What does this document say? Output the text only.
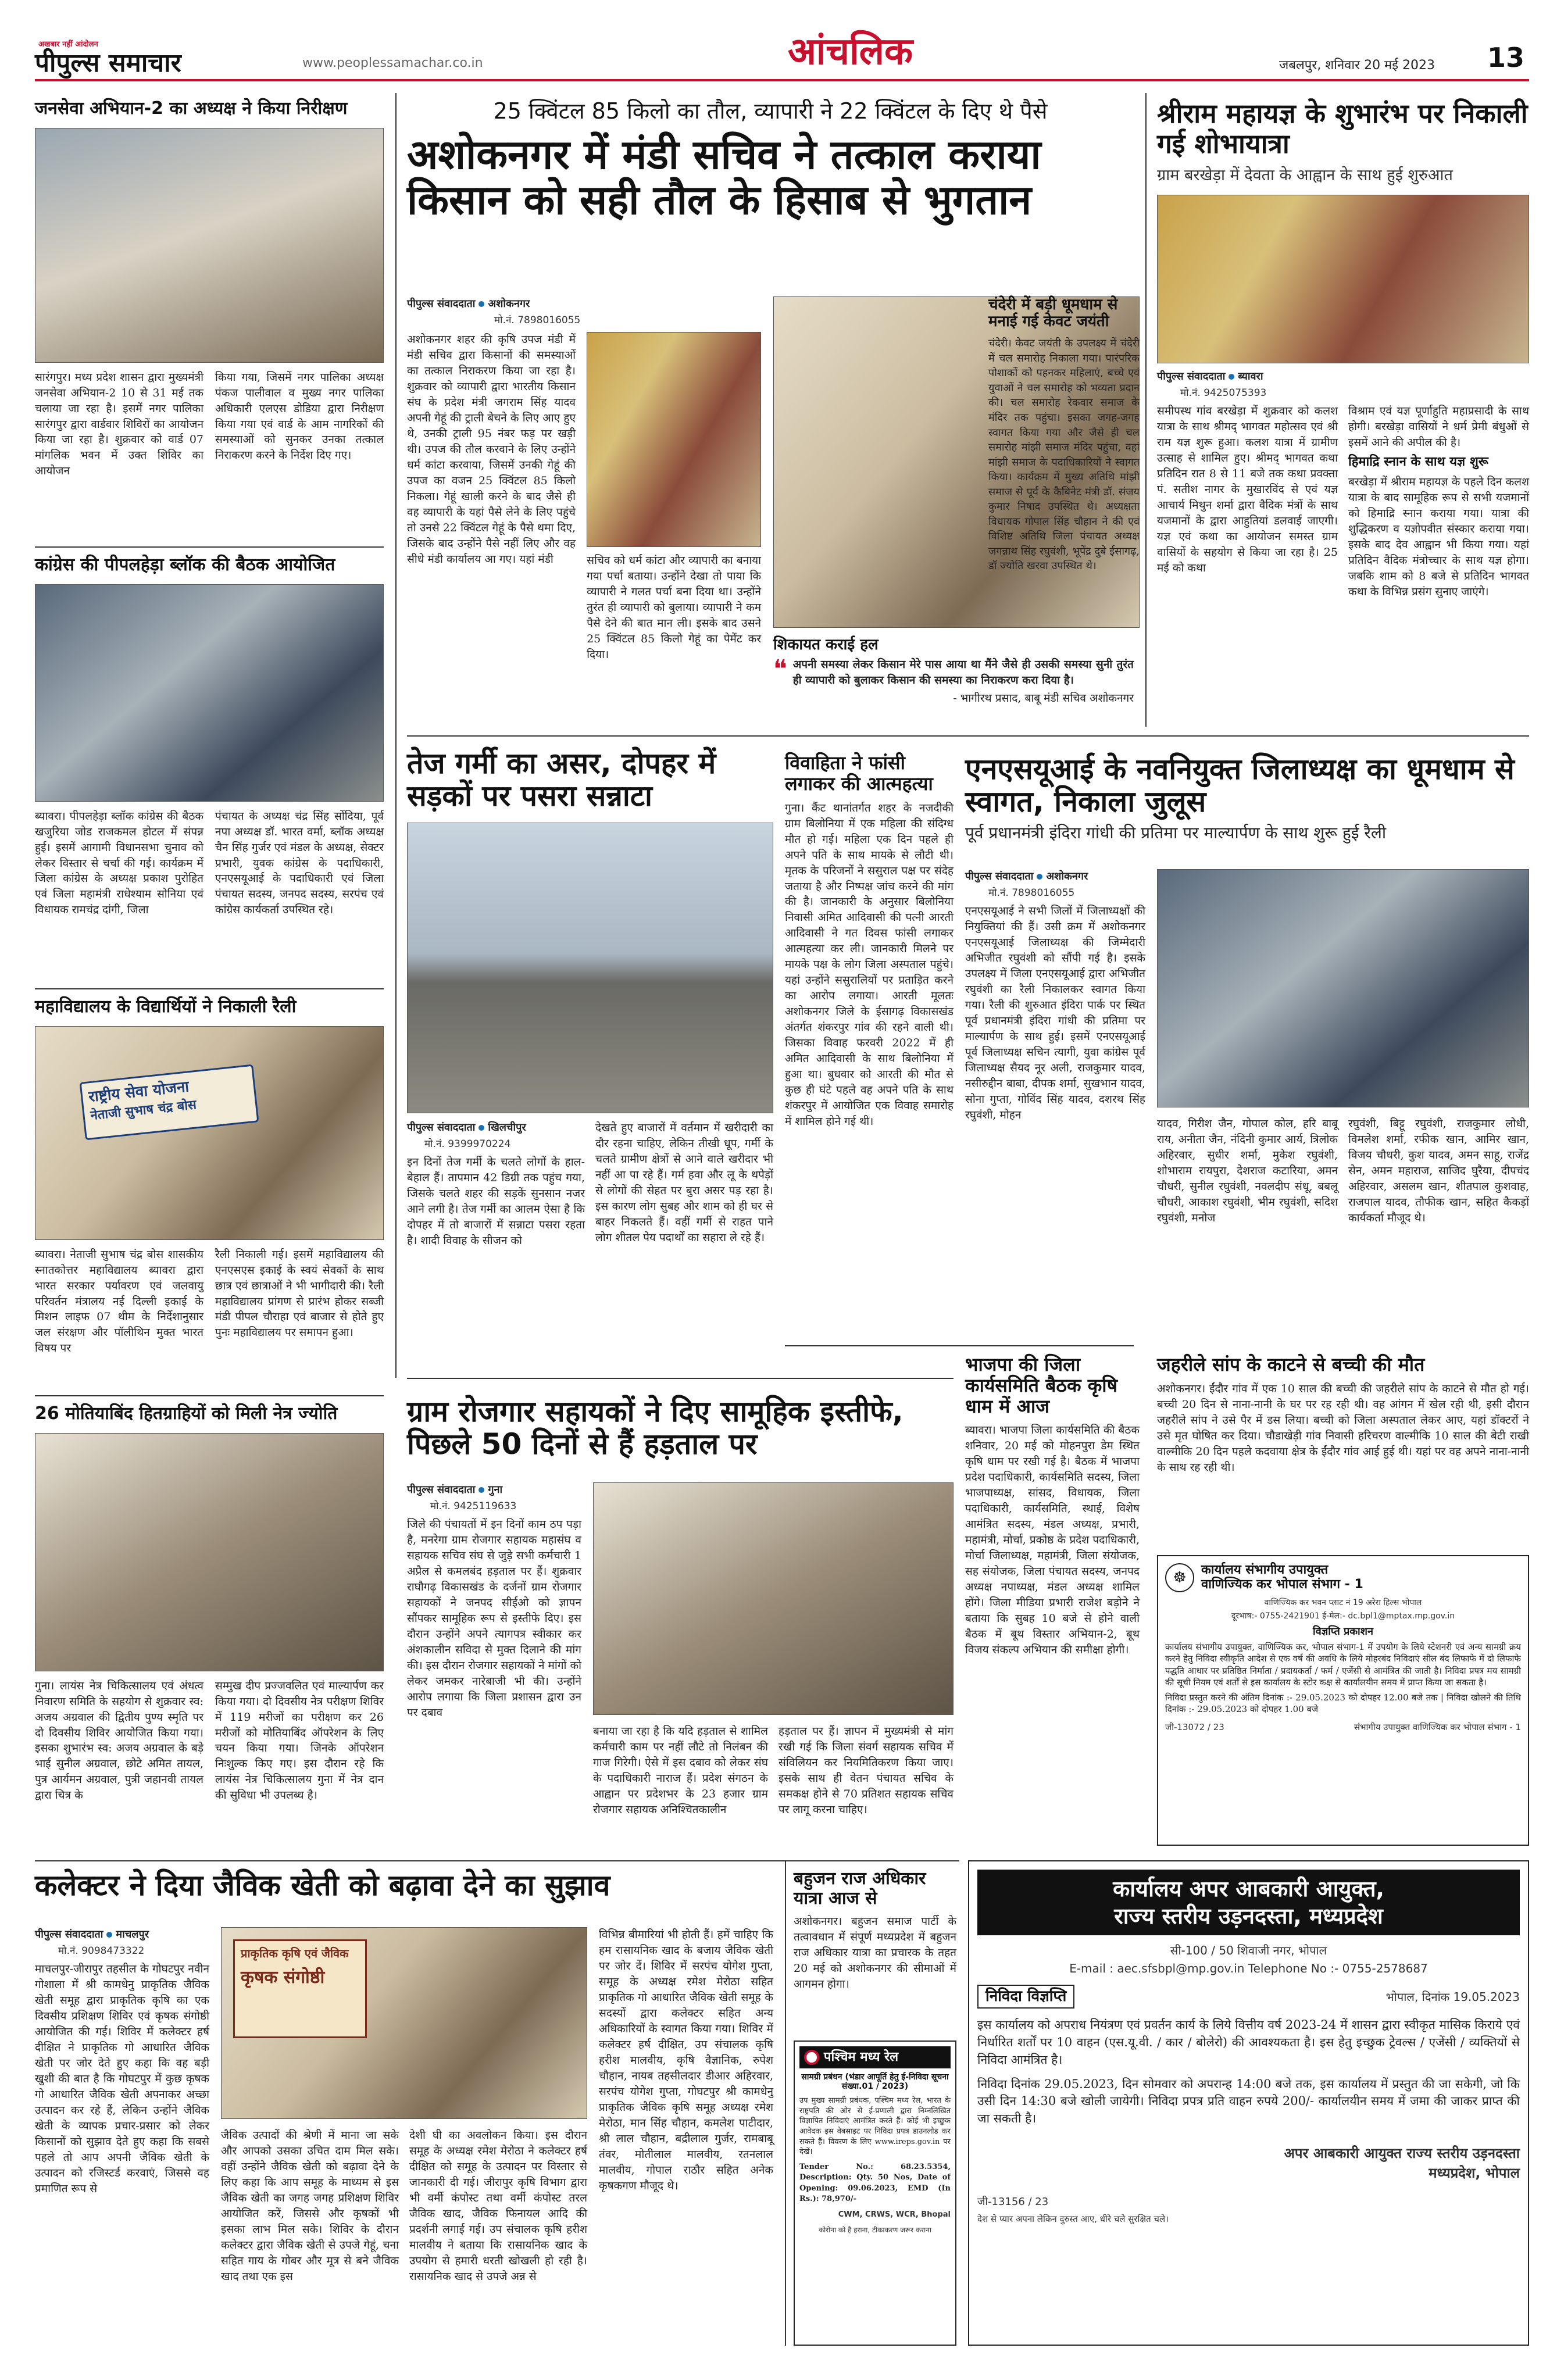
अखबार नहीं आंदोलन
पीपुल्स समाचार	www.peoplessamachar.co.in	आंचलिक	जबलपुर, शनिवार 20 मई 2023 13
जनसेवा अभियान-2 का अध्यक्ष ने किया निरीक्षण
सारंगपुर। मध्य प्रदेश शासन द्वारा मुख्यमंत्री जनसेवा अभियान-2 10 से 31 मई तक चलाया जा रहा है। इसमें नगर पालिका सारंगपुर द्वारा वार्डवार शिविरों का आयोजन किया जा रहा है। शुक्रवार को वार्ड 07 मांगलिक भवन में उक्त शिविर का आयोजन
किया गया, जिसमें नगर पालिका अध्यक्ष पंकज पालीवाल व मुख्य नगर पालिका अधिकारी एलएस डोडिया द्वारा निरीक्षण किया गया एवं वार्ड के आम नागरिकों की समस्याओं को सुनकर उनका तत्काल निराकरण करने के निर्देश दिए गए।
कांग्रेस की पीपलहेड़ा ब्लॉक की बैठक आयोजित
ब्यावरा। पीपलहेड़ा ब्लॉक कांग्रेस की बैठक खजुरिया जोड राजकमल होटल में संपन्न हुई। इसमें आगामी विधानसभा चुनाव को लेकर विस्तार से चर्चा की गई। कार्यक्रम में जिला कांग्रेस के अध्यक्ष प्रकाश पुरोहित एवं जिला महामंत्री राधेश्याम सोनिया एवं विधायक रामचंद्र दांगी, जिला
पंचायत के अध्यक्ष चंद्र सिंह सोंदिया, पूर्व नपा अध्यक्ष डॉ. भारत वर्मा, ब्लॉक अध्यक्ष चैन सिंह गुर्जर एवं मंडल के अध्यक्ष, सेक्टर प्रभारी, युवक कांग्रेस के पदाधिकारी, एनएसयूआई के पदाधिकारी एवं जिला पंचायत सदस्य, जनपद सदस्य, सरपंच एवं कांग्रेस कार्यकर्ता उपस्थित रहे।
महाविद्यालय के विद्यार्थियों ने निकाली रैली
राष्ट्रीय सेवा योजना
नेताजी सुभाष चंद्र बोस
ब्यावरा। नेताजी सुभाष चंद्र बोस शासकीय स्नातकोत्तर महाविद्यालय ब्यावरा द्वारा भारत सरकार पर्यावरण एवं जलवायु परिवर्तन मंत्रालय नई दिल्ली इकाई के मिशन लाइफ 07 थीम के निर्देशानुसार जल संरक्षण और पॉलीथिन मुक्त भारत विषय पर
रैली निकाली गई। इसमें महाविद्यालय की एनएसएस इकाई के स्वयं सेवकों के साथ छात्र एवं छात्राओं ने भी भागीदारी की। रैली महाविद्यालय प्रांगण से प्रारंभ होकर सब्जी मंडी पीपल चौराहा एवं बाजार से होते हुए पुनः महाविद्यालय पर समापन हुआ।
26 मोतियाबिंद हितग्राहियों को मिली नेत्र ज्योति
गुना। लायंस नेत्र चिकित्सालय एवं अंधत्व निवारण समिति के सहयोग से शुक्रवार स्व: अजय अग्रवाल की द्वितीय पुण्य स्मृति पर दो दिवसीय शिविर आयोजित किया गया। इसका शुभारंभ स्व: अजय अग्रवाल के बड़े भाई सुनील अग्रवाल, छोटे अमित तायल, पुत्र आर्यमन अग्रवाल, पुत्री जहानवी तायल द्वारा चित्र के
सम्मुख दीप प्रज्जवलित एवं माल्यार्पण कर किया गया। दो दिवसीय नेत्र परीक्षण शिविर में 119 मरीजों का परीक्षण कर 26 मरीजों को मोतियाबिंद ऑपरेशन के लिए चयन किया गया। जिनके ऑपरेशन निःशुल्क किए गए। इस दौरान रहे कि लायंस नेत्र चिकित्सालय गुना में नेत्र दान की सुविधा भी उपलब्ध है।
25 क्विंटल 85 किलो का तौल, व्यापारी ने 22 क्विंटल के दिए थे पैसे
अशोकनगर में मंडी सचिव ने तत्काल कराया किसान को सही तौल के हिसाब से भुगतान
पीपुल्स संवाददाता अशोकनगर
मो.नं. 7898016055
अशोकनगर शहर की कृषि उपज मंडी में मंडी सचिव द्वारा किसानों की समस्याओं का तत्काल निराकरण किया जा रहा है। शुक्रवार को व्यापारी द्वारा भारतीय किसान संघ के प्रदेश मंत्री जगराम सिंह यादव अपनी गेहूं की ट्राली बेचने के लिए आए हुए थे, उनकी ट्राली 95 नंबर फड़ पर खड़ी थी। उपज की तौल करवाने के लिए उन्होंने धर्म कांटा करवाया, जिसमें उनकी गेहूं की उपज का वजन 25 क्विंटल 85 किलो निकला। गेहूं खाली करने के बाद जैसे ही वह व्यापारी के यहां पैसे लेने के लिए पहुंचे तो उनसे 22 क्विंटल गेहूं के पैसे थमा दिए, जिसके बाद उन्होंने पैसे नहीं लिए और वह सीधे मंडी कार्यालय आ गए। यहां मंडी	सचिव को धर्म कांटा और व्यापारी का बनाया गया पर्चा बताया। उन्होंने देखा तो पाया कि व्यापारी ने गलत पर्चा बना दिया था। उन्होंने तुरंत ही व्यापारी को बुलाया। व्यापारी ने कम पैसे देने की बात मान ली। इसके बाद उसने 25 क्विंटल 85 किलो गेहूं का पेमेंट कर दिया।
शिकायत कराई हल
❝ अपनी समस्या लेकर किसान मेरे पास आया था मैंने जैसे ही उसकी समस्या सुनी तुरंत ही व्यापारी को बुलाकर किसान की समस्या का निराकरण करा दिया है।
- भागीरथ प्रसाद, बाबू मंडी सचिव अशोकनगर
चंदेरी में बड़ी धूमधाम से मनाई गई केवट जयंती
चंदेरी। केवट जयंती के उपलक्ष्य में चंदेरी में चल समारोह निकाला गया। पारंपरिक पोशाकों को पहनकर महिलाएं, बच्चे एवं युवाओं ने चल समारोह को भव्यता प्रदान की। चल समारोह रेकवार समाज के मंदिर तक पहुंचा। इसका जगह-जगह स्वागत किया गया और जैसे ही चल समारोह मांझी समाज मंदिर पहुंचा, वहां मांझी समाज के पदाधिकारियों ने स्वागत किया। कार्यक्रम में मुख्य अतिथि मांझी समाज से पूर्व के कैबिनेट मंत्री डॉ. संजय कुमार निषाद उपस्थित थे। अध्यक्षता विधायक गोपाल सिंह चौहान ने की एवं विशिष्ट अतिथि जिला पंचायत अध्यक्ष जगन्नाथ सिंह रघुवंशी, भूपेंद्र दुबे ईसागढ़, डॉ ज्योति खरवा उपस्थित थे।
श्रीराम महायज्ञ के शुभारंभ पर निकाली गई शोभायात्रा
ग्राम बरखेड़ा में देवता के आह्वान के साथ हुई शुरुआत
पीपुल्स संवाददाता ब्यावरा
मो.नं. 9425075393
समीपस्थ गांव बरखेड़ा में शुक्रवार को कलश यात्रा के साथ श्रीमद् भागवत महोत्सव एवं श्री राम यज्ञ शुरू हुआ। कलश यात्रा में ग्रामीण उत्साह से शामिल हुए। श्रीमद् भागवत कथा प्रतिदिन रात 8 से 11 बजे तक कथा प्रवक्ता पं. सतीश नागर के मुखारविंद से एवं यज्ञ आचार्य मिथुन शर्मा द्वारा वैदिक मंत्रों के साथ यजमानों के द्वारा आहुतियां डलवाई जाएगी। यज्ञ एवं कथा का आयोजन समस्त ग्राम वासियों के सहयोग से किया जा रहा है। 25 मई को कथा
विश्राम एवं यज्ञ पूर्णाहुति महाप्रसादी के साथ होगी। बरखेड़ा वासियों ने धर्म प्रेमी बंधुओं से इसमें आने की अपील की है।
हिमाद्रि स्नान के साथ यज्ञ शुरू
बरखेड़ा में श्रीराम महायज्ञ के पहले दिन कलश यात्रा के बाद सामूहिक रूप से सभी यजमानों को हिमाद्रि स्नान कराया गया। यात्रा की शुद्धिकरण व यज्ञोपवीत संस्कार कराया गया। इसके बाद देव आह्वान भी किया गया। यहां प्रतिदिन वैदिक मंत्रोच्चार के साथ यज्ञ होगा। जबकि शाम को 8 बजे से प्रतिदिन भागवत कथा के विभिन्न प्रसंग सुनाए जाएंगे।
तेज गर्मी का असर, दोपहर में सड़कों पर पसरा सन्नाटा
पीपुल्स संवाददाता खिलचीपुर
मो.नं. 9399970224
इन दिनों तेज गर्मी के चलते लोगों के हाल-बेहाल हैं। तापमान 42 डिग्री तक पहुंच गया, जिसके चलते शहर की सड़कें सुनसान नजर आने लगी है। तेज गर्मी का आलम ऐसा है कि दोपहर में तो बाजारों में सन्नाटा पसरा रहता है। शादी विवाह के सीजन को
देखते हुए बाजारों में वर्तमान में खरीदारी का दौर रहना चाहिए, लेकिन तीखी धूप, गर्मी के चलते ग्रामीण क्षेत्रों से आने वाले खरीदार भी नहीं आ पा रहे हैं। गर्म हवा और लू के थपेड़ों से लोगों की सेहत पर बुरा असर पड़ रहा है। इस कारण लोग सुबह और शाम को ही घर से बाहर निकलते हैं। वहीं गर्मी से राहत पाने लोग शीतल पेय पदार्थों का सहारा ले रहे हैं।
विवाहिता ने फांसी लगाकर की आत्महत्या
गुना। कैंट थानांतर्गत शहर के नजदीकी ग्राम बिलोनिया में एक महिला की संदिग्ध मौत हो गई। महिला एक दिन पहले ही अपने पति के साथ मायके से लौटी थी। मृतक के परिजनों ने ससुराल पक्ष पर संदेह जताया है और निष्पक्ष जांच करने की मांग की है। जानकारी के अनुसार बिलोनिया निवासी अमित आदिवासी की पत्नी आरती आदिवासी ने गत दिवस फांसी लगाकर आत्महत्या कर ली। जानकारी मिलने पर मायके पक्ष के लोग जिला अस्पताल पहुंचे। यहां उन्होंने ससुरालियों पर प्रताड़ित करने का आरोप लगाया। आरती मूलतः अशोकनगर जिले के ईसागढ़ विकासखंड अंतर्गत शंकरपुर गांव की रहने वाली थी। जिसका विवाह फरवरी 2022 में ही अमित आदिवासी के साथ बिलोनिया में हुआ था। बुधवार को आरती की मौत से कुछ ही घंटे पहले वह अपने पति के साथ शंकरपुर में आयोजित एक विवाह समारोह में शामिल होने गई थी।
एनएसयूआई के नवनियुक्त जिलाध्यक्ष का धूमधाम से स्वागत, निकाला जुलूस
पूर्व प्रधानमंत्री इंदिरा गांधी की प्रतिमा पर माल्यार्पण के साथ शुरू हुई रैली
पीपुल्स संवाददाता अशोकनगर
मो.नं. 7898016055
एनएसयूआई ने सभी जिलों में जिलाध्यक्षों की नियुक्तियां की हैं। उसी क्रम में अशोकनगर एनएसयूआई जिलाध्यक्ष की जिम्मेदारी अभिजीत रघुवंशी को सौंपी गई है। इसके उपलक्ष्य में जिला एनएसयूआई द्वारा अभिजीत रघुवंशी का रैली निकालकर स्वागत किया गया। रैली की शुरुआत इंदिरा पार्क पर स्थित पूर्व प्रधानमंत्री इंदिरा गांधी की प्रतिमा पर माल्यार्पण के साथ हुई। इसमें एनएसयूआई पूर्व जिलाध्यक्ष सचिन त्यागी, युवा कांग्रेस पूर्व जिलाध्यक्ष सैयद नूर अली, राजकुमार यादव, नसीरुद्दीन बाबा, दीपक शर्मा, सुखभान यादव, सोना गुप्ता, गोविंद सिंह यादव, दशरथ सिंह रघुवंशी, मोहन
यादव, गिरीश जैन, गोपाल कोल, हरि बाबू राय, अनीता जैन, नंदिनी कुमार आर्य, त्रिलोक अहिरवार, सुधीर शर्मा, मुकेश रघुवंशी, शोभाराम रायपुरा, देशराज कटारिया, अमन चौधरी, सुनील रघुवंशी, नवलदीप संधू, बबलू चौधरी, आकाश रघुवंशी, भीम रघुवंशी, सदिश रघुवंशी, मनोज
रघुवंशी, बिट्टू रघुवंशी, राजकुमार लोधी, विमलेश शर्मा, रफीक खान, आमिर खान, विजय चौधरी, कुश यादव, अमन साहू, राजेंद्र सेन, अमन महाराज, साजिद घुरैया, दीपचंद अहिरवार, असलम खान, शीतपाल कुशवाह, राजपाल यादव, तौफीक खान, सहित कैकड़ों कार्यकर्ता मौजूद थे।
भाजपा की जिला कार्यसमिति बैठक कृषि धाम में आज
ब्यावरा। भाजपा जिला कार्यसमिति की बैठक शनिवार, 20 मई को मोहनपुरा डेम स्थित कृषि धाम पर रखी गई है। बैठक में भाजपा प्रदेश पदाधिकारी, कार्यसमिति सदस्य, जिला भाजपाध्यक्ष, सांसद, विधायक, जिला पदाधिकारी, कार्यसमिति, स्थाई, विशेष आमंत्रित सदस्य, मंडल अध्यक्ष, प्रभारी, महामंत्री, मोर्चा, प्रकोष्ठ के प्रदेश पदाधिकारी, मोर्चा जिलाध्यक्ष, महामंत्री, जिला संयोजक, सह संयोजक, जिला पंचायत सदस्य, जनपद अध्यक्ष नपाध्यक्ष, मंडल अध्यक्ष शामिल होंगे। जिला मीडिया प्रभारी राजेश बड़ोने ने बताया कि सुबह 10 बजे से होने वाली बैठक में बूथ विस्तार अभियान-2, बूथ विजय संकल्प अभियान की समीक्षा होगी।
जहरीले सांप के काटने से बच्ची की मौत
अशोकनगर। ईंदौर गांव में एक 10 साल की बच्ची की जहरीले सांप के काटने से मौत हो गई। बच्ची 20 दिन से नाना-नानी के घर पर रह रही थी। वह आंगन में खेल रही थी, इसी दौरान जहरीले सांप ने उसे पैर में डस लिया। बच्ची को जिला अस्पताल लेकर आए, यहां डॉक्टरों ने उसे मृत घोषित कर दिया। चौडाखेड़ी गांव निवासी हरिचरण वाल्मीकि 10 साल की बेटी राखी वाल्मीकि 20 दिन पहले कदवाया क्षेत्र के ईंदौर गांव आई हुई थी। यहां पर वह अपने नाना-नानी के साथ रह रही थी।
ग्राम रोजगार सहायकों ने दिए सामूहिक इस्तीफे, पिछले 50 दिनों से हैं हड़ताल पर
पीपुल्स संवाददाता गुना
मो.नं. 9425119633
जिले की पंचायतों में इन दिनों काम ठप पड़ा है, मनरेगा ग्राम रोजगार सहायक महासंघ व सहायक सचिव संघ से जुड़े सभी कर्मचारी 1 अप्रैल से कमलबंद हड़ताल पर हैं। शुक्रवार राघौगढ़ विकासखंड के दर्जनों ग्राम रोजगार सहायकों ने जनपद सीईओ को ज्ञापन सौंपकर सामूहिक रूप से इस्तीफे दिए। इस दौरान उन्होंने अपने त्यागपत्र स्वीकार कर अंशकालीन सविदा से मुक्त दिलाने की मांग की। इस दौरान रोजगार सहायकों ने मांगों को लेकर जमकर नारेबाजी भी की। उन्होंने आरोप लगाया कि जिला प्रशासन द्वारा उन पर दबाव
बनाया जा रहा है कि यदि हड़ताल से शामिल कर्मचारी काम पर नहीं लौटे तो निलंबन की गाज गिरेगी। ऐसे में इस दबाव को लेकर संघ के पदाधिकारी नाराज हैं। प्रदेश संगठन के आह्वान पर प्रदेशभर के 23 हजार ग्राम रोजगार सहायक अनिश्चितकालीन
हड़ताल पर हैं। ज्ञापन में मुख्यमंत्री से मांग रखी गई कि जिला संवर्ग सहायक सचिव में संविलियन कर नियमितिकरण किया जाए। इसके साथ ही वेतन पंचायत सचिव के समकक्ष होने से 70 प्रतिशत सहायक सचिव पर लागू करना चाहिए।
कलेक्टर ने दिया जैविक खेती को बढ़ावा देने का सुझाव
पीपुल्स संवाददाता माचलपुर
मो.नं. 9098473322
माचलपुर-जीरापुर तहसील के गोघटपुर नवीन गोशाला में श्री कामधेनु प्राकृतिक जैविक खेती समूह द्वारा प्राकृतिक कृषि का एक दिवसीय प्रशिक्षण शिविर एवं कृषक संगोष्ठी आयोजित की गई। शिविर में कलेक्टर हर्ष दीक्षित ने प्राकृतिक गो आधारित जैविक खेती पर जोर देते हुए कहा कि वह बड़ी खुशी की बात है कि गोघटपुर में कुछ कृषक गो आधारित जैविक खेती अपनाकर अच्छा उत्पादन कर रहे हैं, लेकिन उन्होंने जैविक खेती के व्यापक प्रचार-प्रसार को लेकर किसानों को सुझाव देते हुए कहा कि सबसे पहले तो आप अपनी जैविक खेती के उत्पादन को रजिस्टर्ड करवाएं, जिससे वह प्रमाणित रूप से
प्राकृतिक कृषि एवं जैविक
कृषक संगोष्ठी
जैविक उत्पादों की श्रेणी में माना जा सके और आपको उसका उचित दाम मिल सके। वहीं उन्होंने जैविक खेती को बढ़ावा देने के लिए कहा कि आप समूह के माध्यम से इस जैविक खेती का जगह जगह प्रशिक्षण शिविर आयोजित करें, जिससे और कृषकों भी इसका लाभ मिल सके। शिविर के दौरान कलेक्टर द्वारा जैविक खेती से उपजे गेहूं, चना सहित गाय के गोबर और मूत्र से बने जैविक खाद तथा एक इस
देशी घी का अवलोकन किया। इस दौरान समूह के अध्यक्ष रमेश मेरोठा ने कलेक्टर हर्ष दीक्षित को समूह के उत्पादन पर विस्तार से जानकारी दी गई। जीरापुर कृषि विभाग द्वारा भी वर्मी कंपोस्ट तथा वर्मी कंपोस्ट तरल जैविक खाद, जैविक फिनायल आदि की प्रदर्शनी लगाई गई। उप संचालक कृषि हरीश मालवीय ने बताया कि रासायनिक खाद के उपयोग से हमारी धरती खोखली हो रही है। रासायनिक खाद से उपजे अन्न से
विभिन्न बीमारियां भी होती हैं। हमें चाहिए कि हम रासायनिक खाद के बजाय जैविक खेती पर जोर दें। शिविर में सरपंच योगेश गुप्ता, समूह के अध्यक्ष रमेश मेरोठा सहित प्राकृतिक गो आधारित जैविक खेती समूह के सदस्यों द्वारा कलेक्टर सहित अन्य अधिकारियों के स्वागत किया गया। शिविर में कलेक्टर हर्ष दीक्षित, उप संचालक कृषि हरीश मालवीय, कृषि वैज्ञानिक, रुपेश चौहान, नायब तहसीलदार डीआर अहिरवार, सरपंच योगेश गुप्ता, गोघटपुर श्री कामधेनु प्राकृतिक जैविक कृषि समूह अध्यक्ष रमेश मेरोठा, मान सिंह चौहान, कमलेश पाटीदार, श्री लाल चौहान, बद्रीलाल गुर्जर, रामबाबू तंवर, मोतीलाल मालवीय, रतनलाल मालवीय, गोपाल राठौर सहित अनेक कृषकगण मौजूद थे।
बहुजन राज अधिकार यात्रा आज से
अशोकनगर। बहुजन समाज पार्टी के तत्वावधान में संपूर्ण मध्यप्रदेश में बहुजन राज अधिकार यात्रा का प्रचारक के तहत 20 मई को अशोकनगर की सीमाओं में आगमन होगा।
पश्चिम मध्य रेल
सामग्री प्रबंधन (भंडार आपूर्ति हेतु ई-निविदा सूचना संख्या.01 / 2023)
उप मुख्य सामग्री प्रबंधक, पश्चिम मध्य रेल, भारत के राष्ट्रपति की ओर से ई-प्रणाली द्वारा निम्नलिखित विज्ञापित निविदाएं आमंत्रित करते हैं। कोई भी इच्छुक आवेदक इस वेबसाइट पर निविदा प्रपत्र डाउनलोड कर सकते हैं। विवरण के लिए www.ireps.gov.in पर देखें।
Tender No.: 68.23.5354, Description: Qty. 50 Nos, Date of Opening: 09.06.2023, EMD (In Rs.): 78,970/-
CWM, CRWS, WCR, Bhopal
कोरोना को है हराना, टीकाकरण जरूर कराना
☸	कार्यालय संभागीय उपायुक्त
वाणिज्यिक कर भोपाल संभाग - 1
वाणिज्यिक कर भवन प्लाट नं 19 अरेरा हिल्स भोपाल
दूरभाष:- 0755-2421901 ई-मेल:- dc.bpl1@mptax.mp.gov.in
विज्ञप्ति प्रकाशन
कार्यालय संभागीय उपायुक्त, वाणिज्यिक कर, भोपाल संभाग-1 में उपयोग के लिये स्टेशनरी एवं अन्य सामग्री क्रय करने हेतु निविदा स्वीकृति आदेश से एक वर्ष की अवधि के लिये मोहरबंद निविदाएं सील बंद लिफाफे में दो लिफाफे पद्धति आधार पर प्रतिष्ठित निर्माता / प्रदायकर्ता / फर्म / एजेंसी से आमंत्रित की जाती है। निविदा प्रपत्र मय सामग्री की सूची नियम एवं शर्तों से इस कार्यालय के स्टोर कक्ष से कार्यालयीन समय में प्राप्त किया जा सकता है।
निविदा प्रस्तुत करने की अंतिम दिनांक :- 29.05.2023 को दोपहर 12.00 बजे तक | निविदा खोलने की तिथि दिनांक :- 29.05.2023 को दोपहर 1.00 बजे
जी-13072 / 23	संभागीय उपायुक्त वाणिज्यिक कर भोपाल संभाग - 1
कार्यालय अपर आबकारी आयुक्त,
राज्य स्तरीय उड़नदस्ता, मध्यप्रदेश
सी-100 / 50 शिवाजी नगर, भोपाल
E-mail : aec.sfsbpl@mp.gov.in Telephone No :- 0755-2578687
निविदा विज्ञप्ति	भोपाल, दिनांक 19.05.2023
इस कार्यालय को अपराध नियंत्रण एवं प्रवर्तन कार्य के लिये वित्तीय वर्ष 2023-24 में शासन द्वारा स्वीकृत मासिक किराये एवं निर्धारित शर्तों पर 10 वाहन (एस.यू.वी. / कार / बोलेरो) की आवश्यकता है। इस हेतु इच्छुक ट्रेवल्स / एजेंसी / व्यक्तियों से निविदा आमंत्रित है।
निविदा दिनांक 29.05.2023, दिन सोमवार को अपरान्ह 14:00 बजे तक, इस कार्यालय में प्रस्तुत की जा सकेगी, जो कि उसी दिन 14:30 बजे खोली जायेगी। निविदा प्रपत्र प्रति वाहन रुपये 200/- कार्यालयीन समय में जमा की जाकर प्राप्त की जा सकती है।
अपर आबकारी आयुक्त राज्य स्तरीय उड़नदस्ता मध्यप्रदेश, भोपाल
जी-13156 / 23
देश से प्यार अपना लेकिन दुरुस्त आए, धीरे चले सुरक्षित चले।
